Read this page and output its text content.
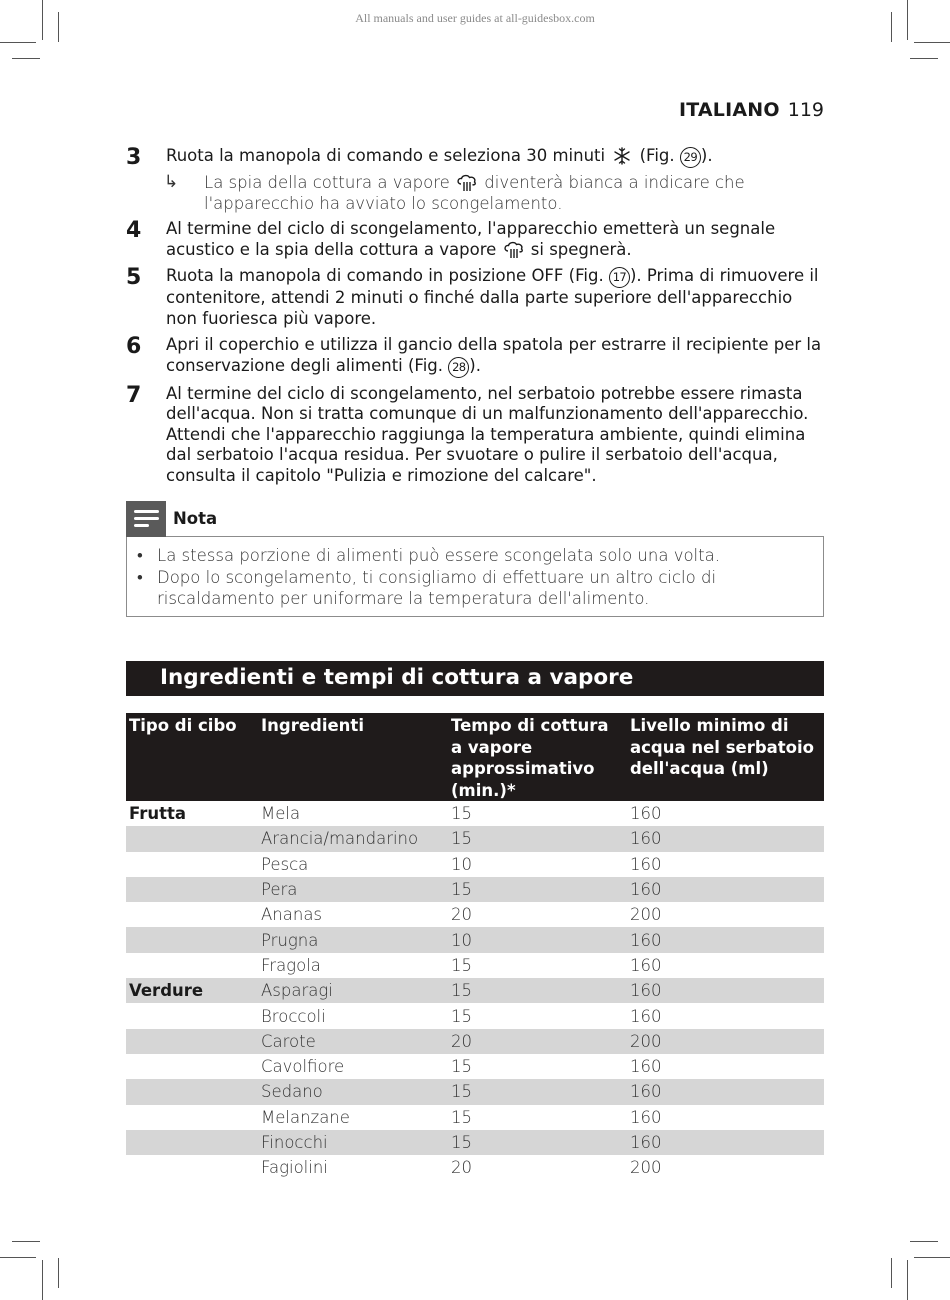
All manuals and user guides at all-guidesbox.com
ITALIANO 119
3 Ruota la manopola di comando e seleziona 30 minuti  (Fig. 29 ).
↳ La spia della cottura a vapore  diventerà bianca a indicare che l'apparecchio ha avviato lo scongelamento.
4 Al termine del ciclo di scongelamento, l'apparecchio emetterà un segnale acustico e la spia della cottura a vapore  si spegnerà.
5 Ruota la manopola di comando in posizione OFF (Fig. 17 ). Prima di rimuovere il contenitore, attendi 2 minuti o finché dalla parte superiore dell'apparecchio non fuoriesca più vapore.
6 Apri il coperchio e utilizza il gancio della spatola per estrarre il recipiente per la conservazione degli alimenti (Fig. 28 ).
7 Al termine del ciclo di scongelamento, nel serbatoio potrebbe essere rimasta dell'acqua. Non si tratta comunque di un malfunzionamento dell'apparecchio. Attendi che l'apparecchio raggiunga la temperatura ambiente, quindi elimina dal serbatoio l'acqua residua. Per svuotare o pulire il serbatoio dell'acqua, consulta il capitolo "Pulizia e rimozione del calcare".
Nota
• La stessa porzione di alimenti può essere scongelata solo una volta.
• Dopo lo scongelamento, ti consigliamo di effettuare un altro ciclo di riscaldamento per uniformare la temperatura dell'alimento.
Ingredienti e tempi di cottura a vapore
Tipo di cibo	Ingredienti	Tempo di cottura a vapore approssimativo (min.)*	Livello minimo di acqua nel serbatoio dell'acqua (ml)
Frutta	Mela	15	160
	Arancia/mandarino	15	160
	Pesca	10	160
	Pera	15	160
	Ananas	20	200
	Prugna	10	160
	Fragola	15	160
Verdure	Asparagi	15	160
	Broccoli	15	160
	Carote	20	200
	Cavolfiore	15	160
	Sedano	15	160
	Melanzane	15	160
	Finocchi	15	160
	Fagiolini	20	200
